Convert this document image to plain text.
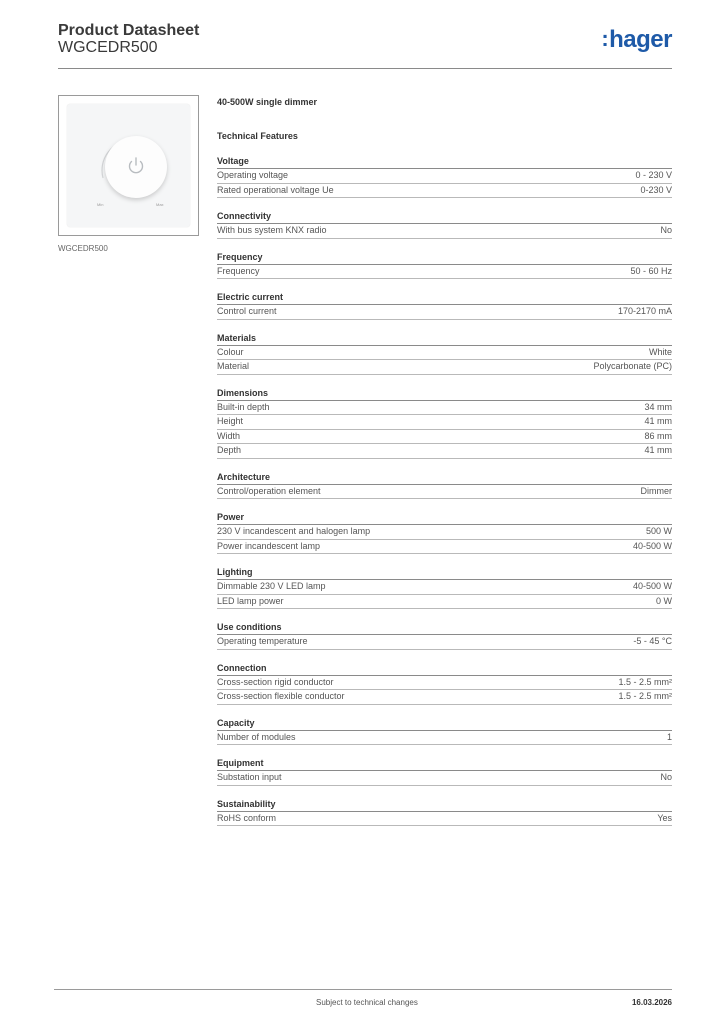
Product Datasheet
WGCEDR500	:hager
Min	Max
WGCEDR500
40-500W single dimmer
Technical Features
Voltage
Operating voltage	0 - 230 V
Rated operational voltage Ue	0-230 V
Connectivity
With bus system KNX radio	No
Frequency
Frequency	50 - 60 Hz
Electric current
Control current	170-2170 mA
Materials
Colour	White
Material	Polycarbonate (PC)
Dimensions
Built-in depth	34 mm
Height	41 mm
Width	86 mm
Depth	41 mm
Architecture
Control/operation element	Dimmer
Power
230 V incandescent and halogen lamp	500 W
Power incandescent lamp	40-500 W
Lighting
Dimmable 230 V LED lamp	40-500 W
LED lamp power	0 W
Use conditions
Operating temperature	-5 - 45 °C
Connection
Cross-section rigid conductor	1.5 - 2.5 mm²
Cross-section flexible conductor	1.5 - 2.5 mm²
Capacity
Number of modules	1
Equipment
Substation input	No
Sustainability
RoHS conform	Yes
Subject to technical changes	16.03.2026
